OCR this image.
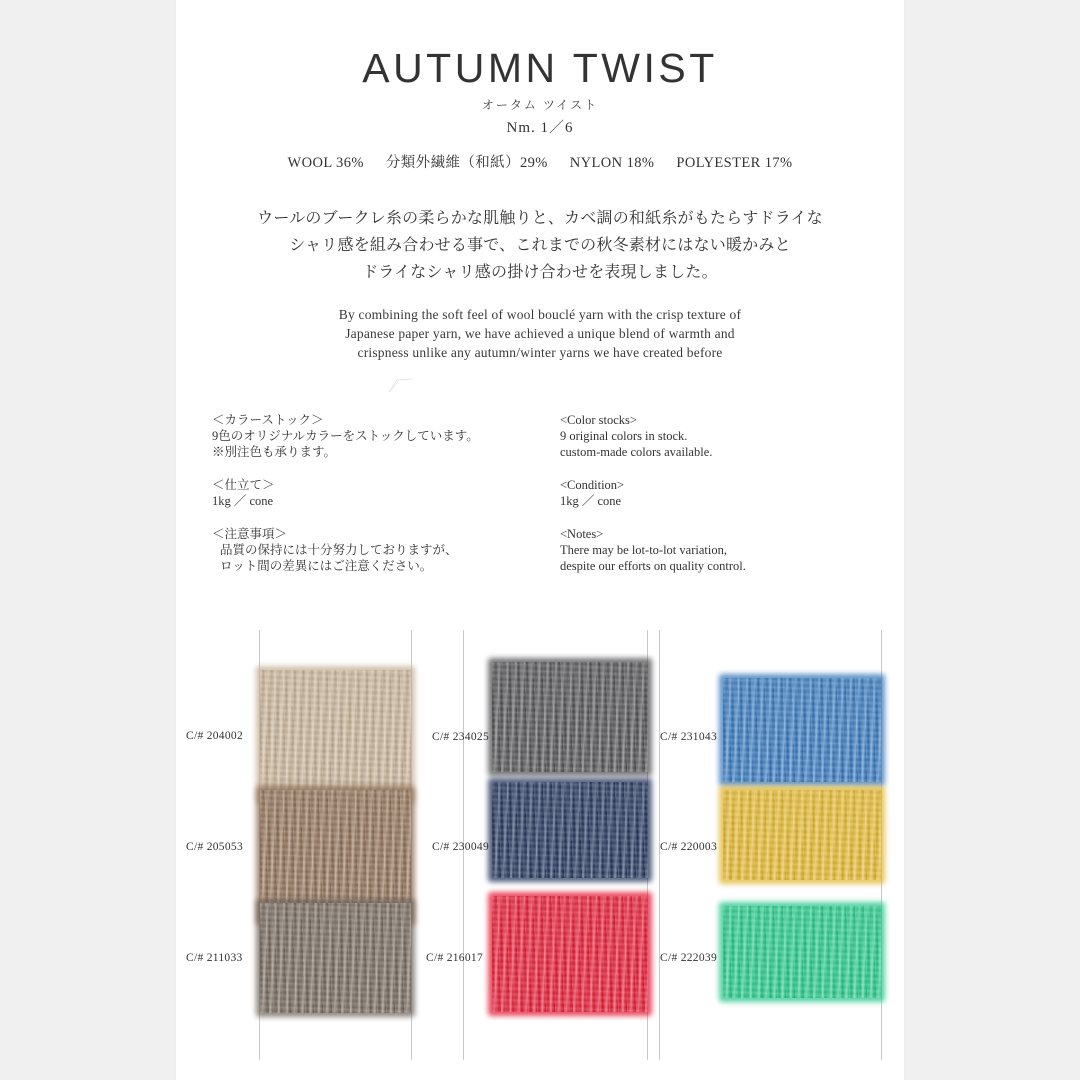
AUTUMN TWIST
オータム ツイスト
Nm. 1／6
WOOL 36% 分類外繊維（和紙）29% NYLON 18% POLYESTER 17%
ウールのブークレ糸の柔らかな肌触りと、カベ調の和紙糸がもたらすドライな
シャリ感を組み合わせる事で、これまでの秋冬素材にはない暖かみと
ドライなシャリ感の掛け合わせを表現しました。
By combining the soft feel of wool bouclé yarn with the crisp texture of
Japanese paper yarn, we have achieved a unique blend of warmth and
crispness unlike any autumn/winter yarns we have created before
＜カラーストック＞
9色のオリジナルカラーをストックしています。
※別注色も承ります。
＜仕立て＞
1kg ／ cone
＜注意事項＞
品質の保持には十分努力しておりますが、
ロット間の差異にはご注意ください。
<Color stocks>
9 original colors in stock.
custom-made colors available.
<Condition>
1kg ／ cone
<Notes>
There may be lot-to-lot variation,
despite our efforts on quality control.
C/# 204002
C/# 205053
C/# 211033
C/# 234025
C/# 230049
C/# 216017
C/# 231043
C/# 220003
C/# 222039
